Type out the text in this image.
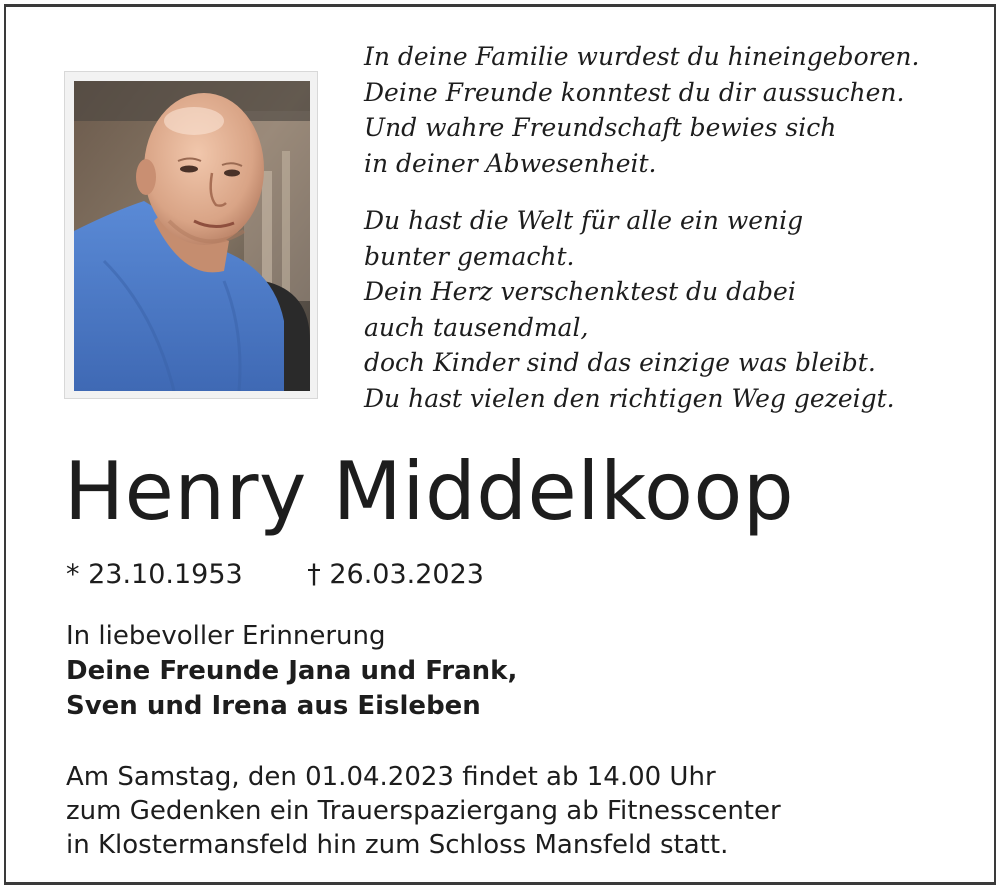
In deine Familie wurdest du hineingeboren.
Deine Freunde konntest du dir aussuchen.
Und wahre Freundschaft bewies sich
in deiner Abwesenheit.
Du hast die Welt für alle ein wenig
bunter gemacht.
Dein Herz verschenktest du dabei
auch tausendmal,
doch Kinder sind das einzige was bleibt.
Du hast vielen den richtigen Weg gezeigt.
Henry Middelkoop
* 23.10.1953 † 26.03.2023
In liebevoller Erinnerung
Deine Freunde Jana und Frank,
Sven und Irena aus Eisleben
Am Samstag, den 01.04.2023 findet ab 14.00 Uhr
zum Gedenken ein Trauerspaziergang ab Fitnesscenter
in Klostermansfeld hin zum Schloss Mansfeld statt.
